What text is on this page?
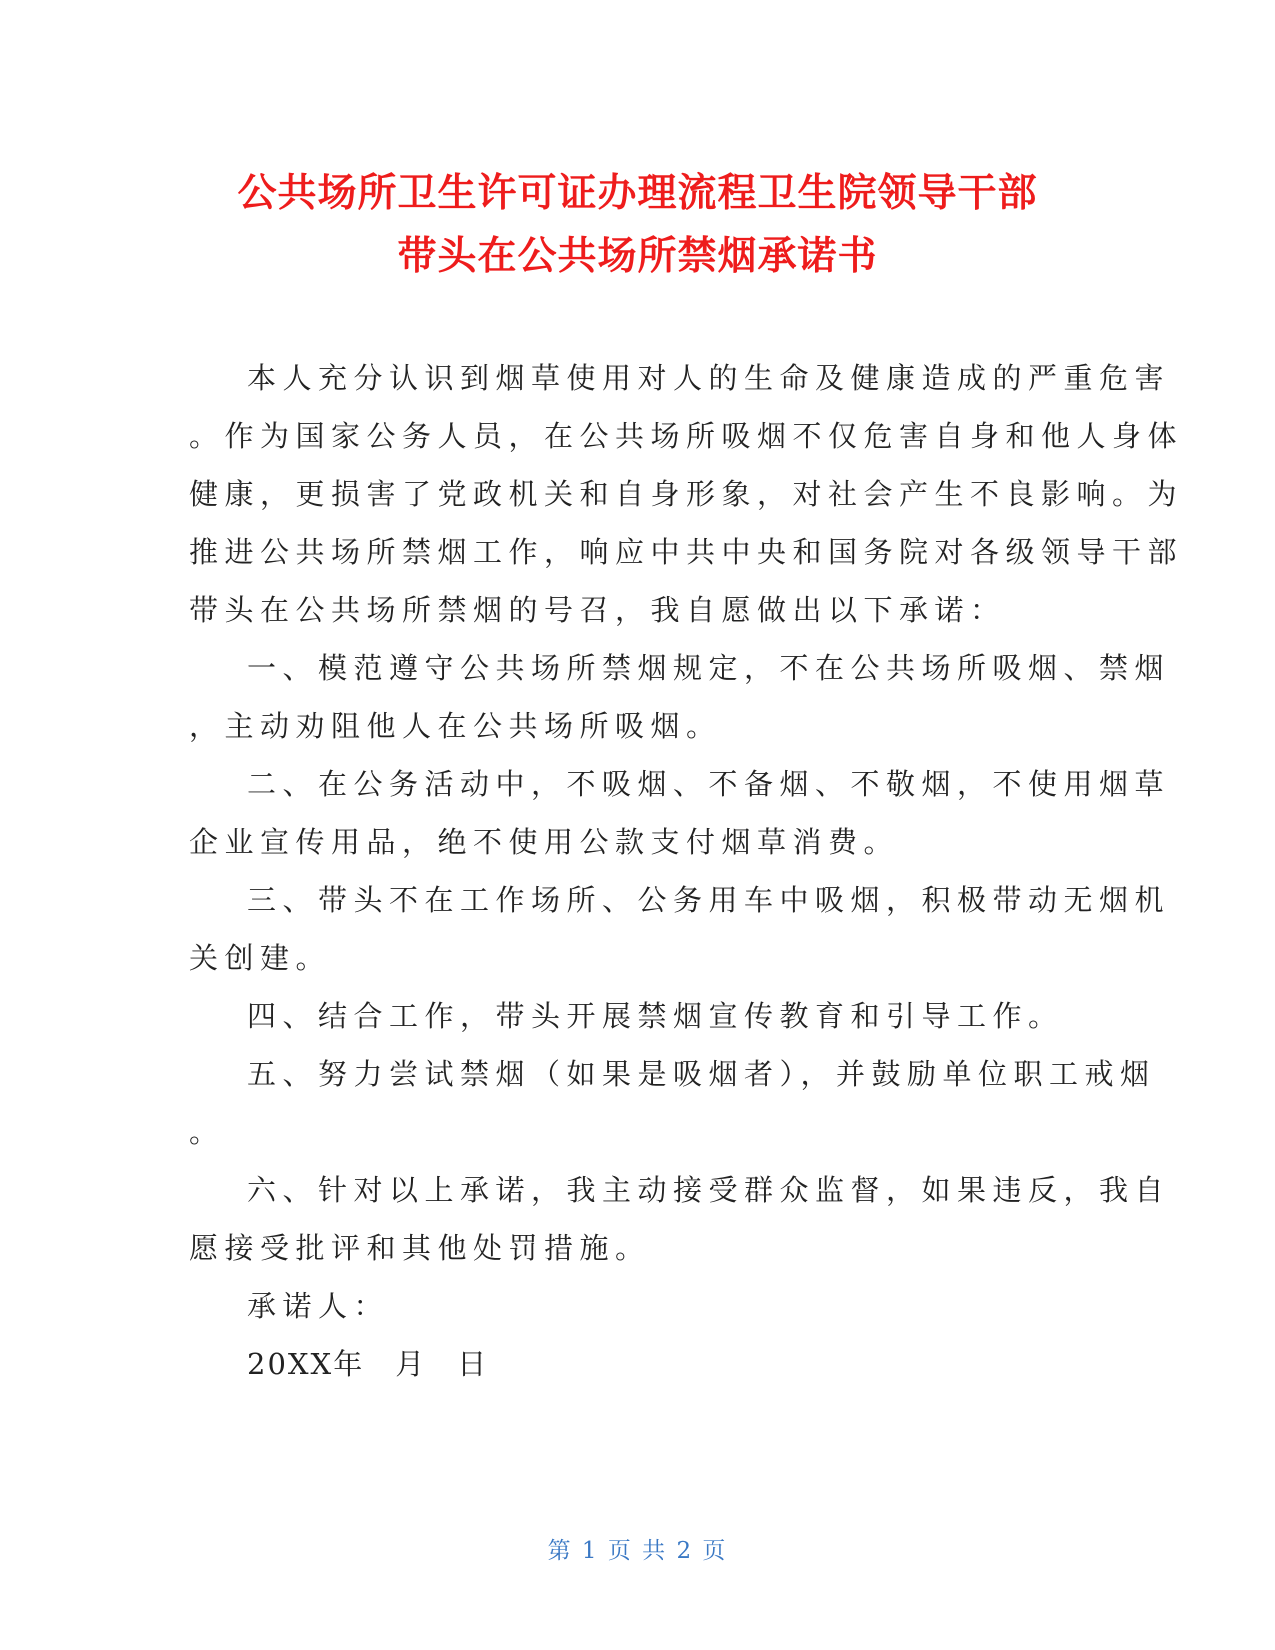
公共场所卫生许可证办理流程卫生院领导干部
带头在公共场所禁烟承诺书
本人充分认识到烟草使用对人的生命及健康造成的严重危害
。作为国家公务人员，在公共场所吸烟不仅危害自身和他人身体
健康，更损害了党政机关和自身形象，对社会产生不良影响。为
推进公共场所禁烟工作，响应中共中央和国务院对各级领导干部
带头在公共场所禁烟的号召，我自愿做出以下承诺：
一、模范遵守公共场所禁烟规定，不在公共场所吸烟、禁烟
，主动劝阻他人在公共场所吸烟。
二、在公务活动中，不吸烟、不备烟、不敬烟，不使用烟草
企业宣传用品，绝不使用公款支付烟草消费。
三、带头不在工作场所、公务用车中吸烟，积极带动无烟机
关创建。
四、结合工作，带头开展禁烟宣传教育和引导工作。
五、努力尝试禁烟（如果是吸烟者），并鼓励单位职工戒烟
。
六、针对以上承诺，我主动接受群众监督，如果违反，我自
愿接受批评和其他处罚措施。
承诺人：
20XX年　月　日
第 1 页 共 2 页
